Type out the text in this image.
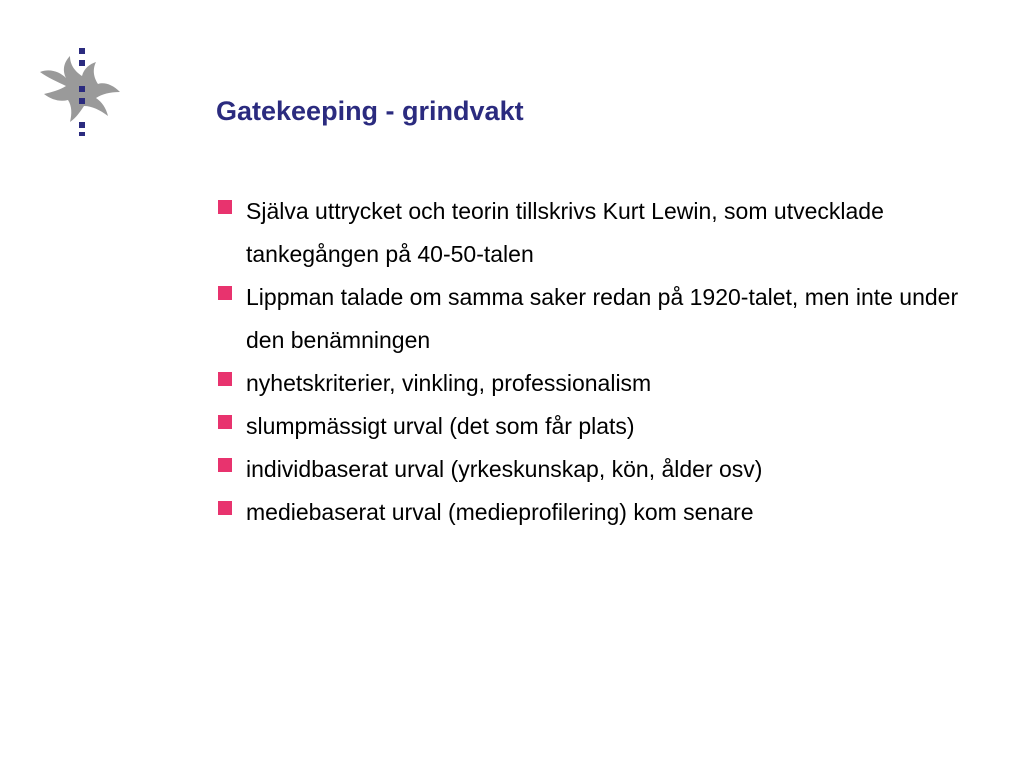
Gatekeeping - grindvakt
Själva uttrycket och teorin tillskrivs Kurt Lewin, som utvecklade tankegången på 40-50-talen
Lippman talade om samma saker redan på 1920-talet, men inte under den benämningen
nyhetskriterier, vinkling, professionalism
slumpmässigt urval (det som får plats)
individbaserat urval (yrkeskunskap, kön, ålder osv)
mediebaserat urval (medieprofilering) kom senare
